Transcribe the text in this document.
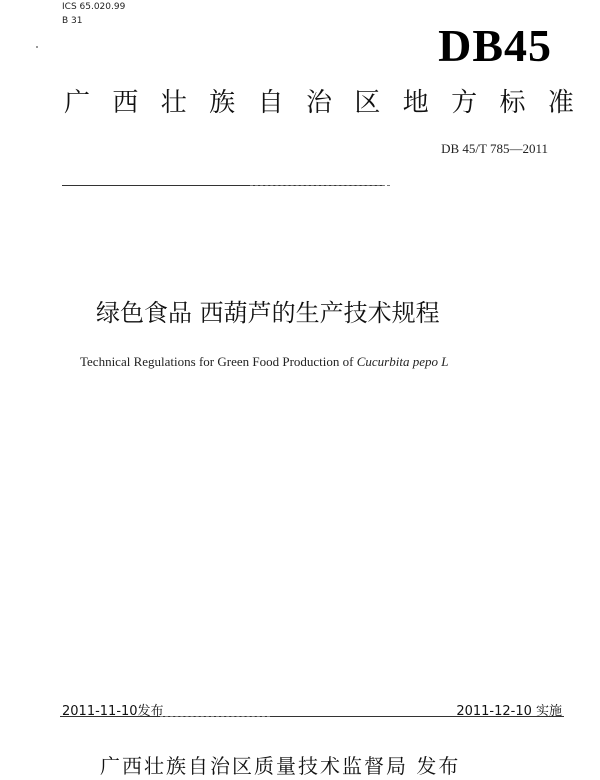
ICS 65.020.99
B 31	DB45
广 西 壮 族 自 治 区 地 方 标 准
DB 45/T 785—2011
绿色食品 西葫芦的生产技术规程
Technical Regulations for Green Food Production of Cucurbita pepo L
2011-11-10发布	2011-12-10 实施
广西壮族自治区质量技术监督局 发布
